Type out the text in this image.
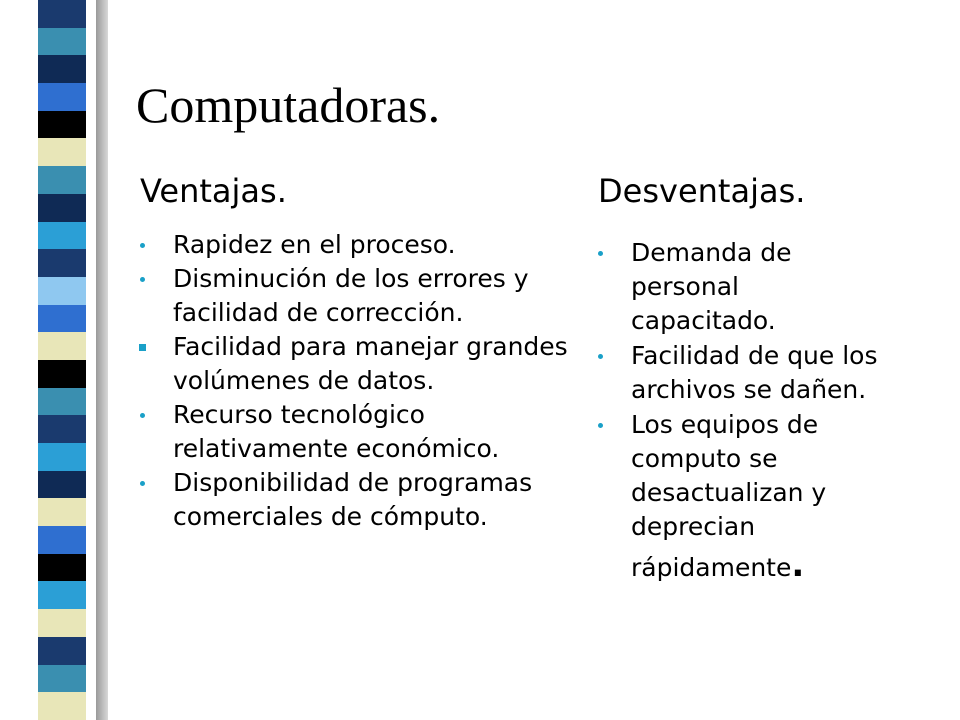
Computadoras.
Ventajas.	Desventajas.
Rapidez en el proceso.
Disminución de los errores y facilidad de corrección.
Facilidad para manejar grandes volúmenes de datos.
Recurso tecnológico relativamente económico.
Disponibilidad de programas comerciales de cómputo.
Demanda de personal capacitado.
Facilidad de que los archivos se dañen.
Los equipos de computo se desactualizan y deprecian
rápidamente.
